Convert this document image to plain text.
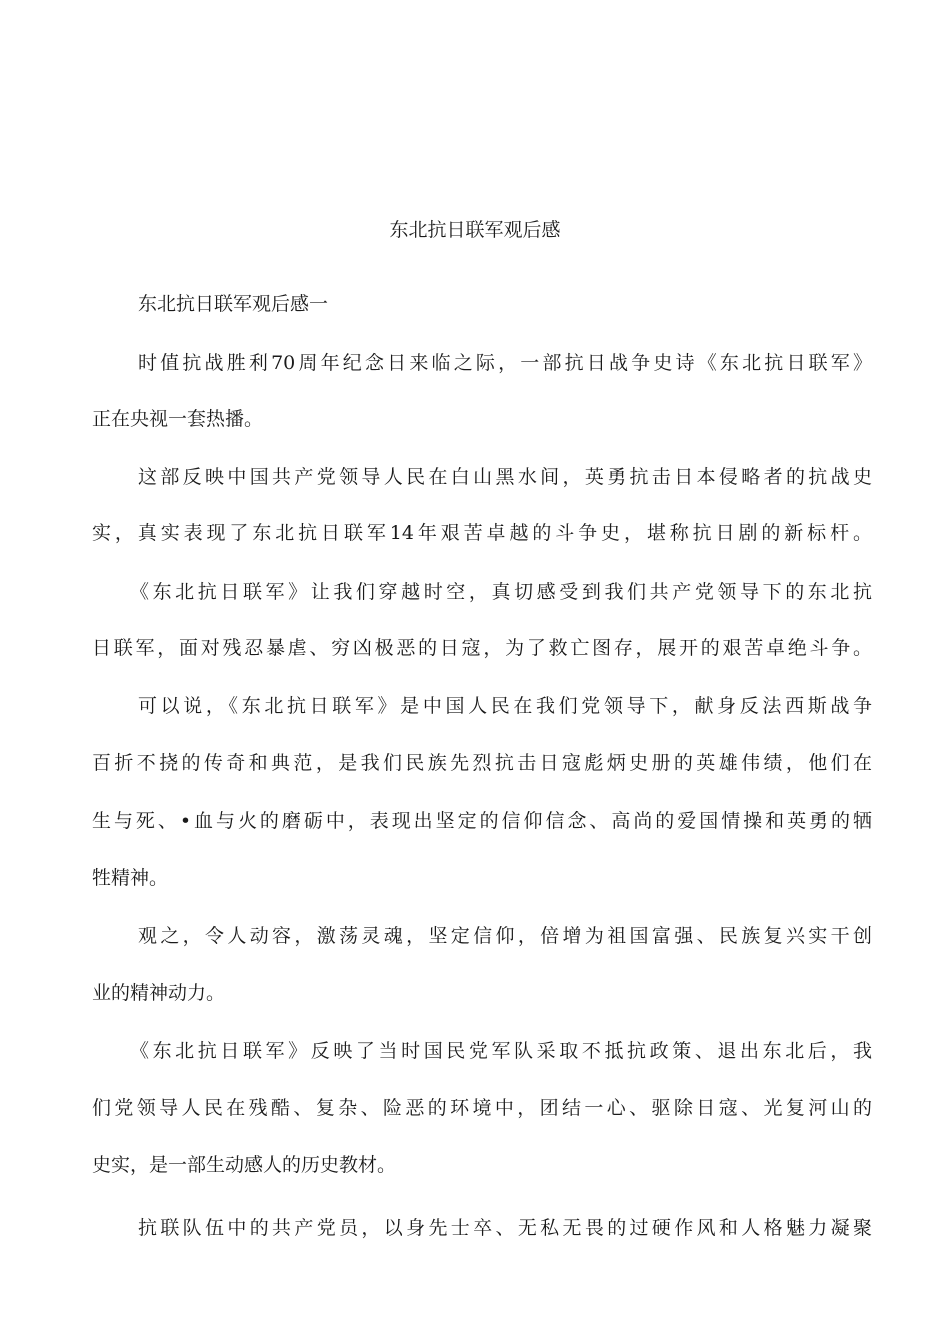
东北抗日联军观后感
东北抗日联军观后感一
时值抗战胜利70周年纪念日来临之际，一部抗日战争史诗《东北抗日联军》
正在央视一套热播。
这部反映中国共产党领导人民在白山黑水间，英勇抗击日本侵略者的抗战史
实，真实表现了东北抗日联军14年艰苦卓越的斗争史，堪称抗日剧的新标杆。
《东北抗日联军》让我们穿越时空，真切感受到我们共产党领导下的东北抗
日联军，面对残忍暴虐、穷凶极恶的日寇，为了救亡图存，展开的艰苦卓绝斗争。
可以说，《东北抗日联军》是中国人民在我们党领导下，献身反法西斯战争
百折不挠的传奇和典范，是我们民族先烈抗击日寇彪炳史册的英雄伟绩，他们在
生与死、•血与火的磨砺中，表现出坚定的信仰信念、高尚的爱国情操和英勇的牺
牲精神。
观之，令人动容，激荡灵魂，坚定信仰，倍增为祖国富强、民族复兴实干创
业的精神动力。
《东北抗日联军》反映了当时国民党军队采取不抵抗政策、退出东北后，我
们党领导人民在残酷、复杂、险恶的环境中，团结一心、驱除日寇、光复河山的
史实，是一部生动感人的历史教材。
抗联队伍中的共产党员，以身先士卒、无私无畏的过硬作风和人格魅力凝聚
